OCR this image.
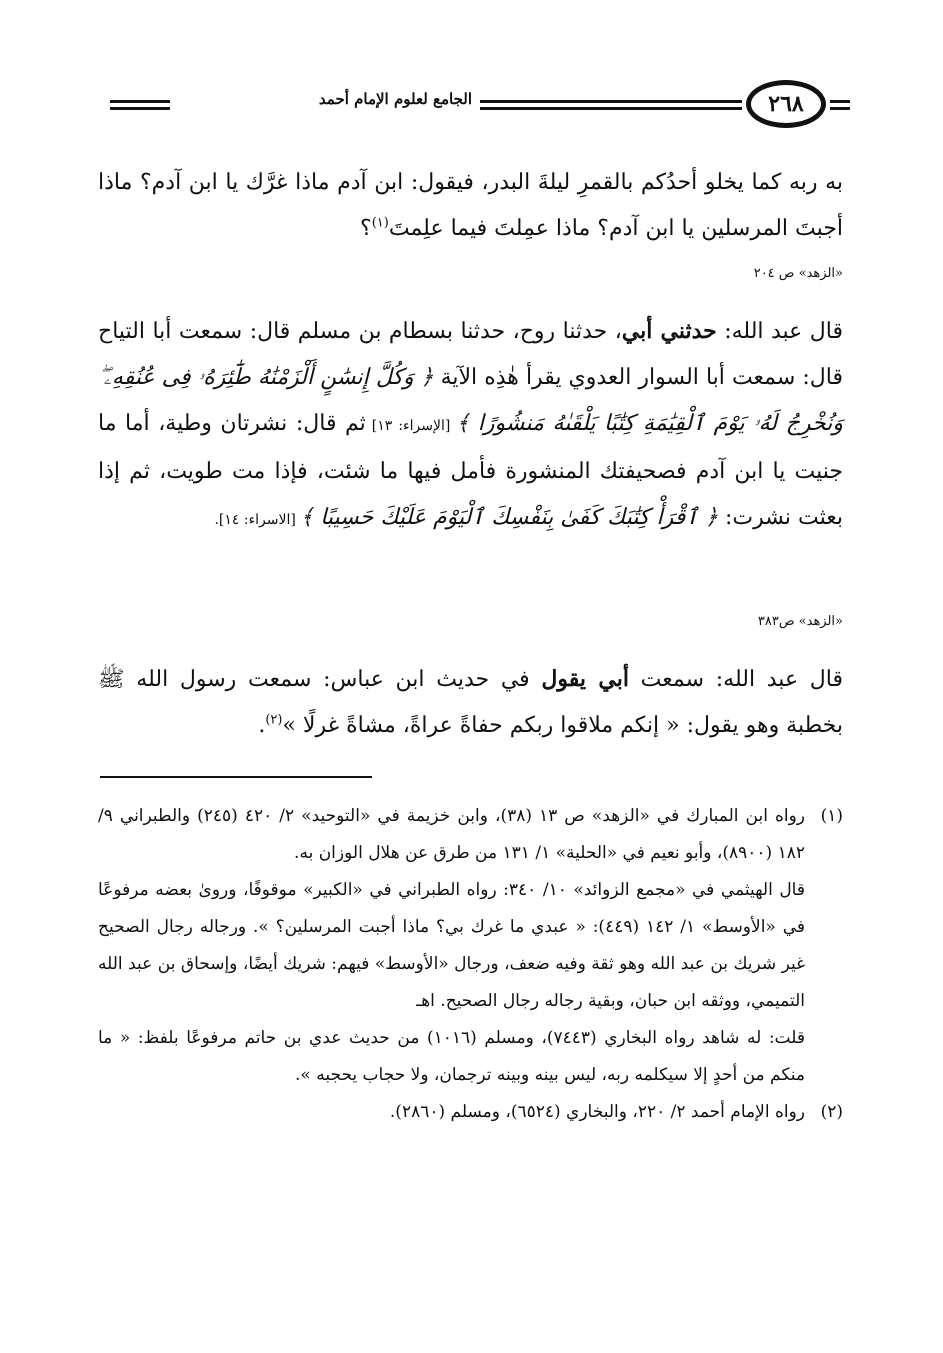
٢٦٨
الجامع لعلوم الإمام أحمد
به ربه كما يخلو أحدُكم بالقمرِ ليلةَ البدر، فيقول: ابن آدم ماذا غرَّك يا ابن آدم؟ ماذا أجبتَ المرسلين يا ابن آدم؟ ماذا عمِلتَ فيما علِمتَ$^{(١)}$؟
«الزهد» ص ٢٠٤
قال عبد الله: حدثني أبي، حدثنا روح، حدثنا بسطام بن مسلم قال: سمعت أبا التياح قال: سمعت أبا السوار العدوي يقرأ هٰذِه الآية ﴿ وَكُلَّ إِنسَٰنٍ أَلْزَمْنَٰهُ طَٰٓئِرَهُۥ فِى عُنُقِهِۦ ۖ وَنُخْرِجُ لَهُۥ يَوْمَ ٱلْقِيَٰمَةِ كِتَٰبًا يَلْقَىٰهُ مَنشُورًا ﴾ [الإسراء: ١٣] ثم قال: نشرتان وطية، أما ما جنيت يا ابن آدم فصحيفتك المنشورة فأمل فيها ما شئت، فإذا مت طويت، ثم إذا بعثت نشرت: ﴿ ٱقْرَأْ كِتَٰبَكَ كَفَىٰ بِنَفْسِكَ ٱلْيَوْمَ عَلَيْكَ حَسِيبًا ﴾ [الاسراء: ١٤].
«الزهد» ص٣٨٣
قال عبد الله: سمعت أبي يقول في حديث ابن عباس: سمعت رسول الله ﷺ بخطبة وهو يقول: « إنكم ملاقوا ربكم حفاةً عراةً، مشاةً غرلًا »$^{(٢)}$.
(١)
رواه ابن المبارك في «الزهد» ص ١٣ (٣٨)، وابن خزيمة في «التوحيد» ٢/ ٤٢٠ (٢٤٥) والطبراني ٩/ ١٨٢ (٨٩٠٠)، وأبو نعيم في «الحلية» ١/ ١٣١ من طرق عن هلال الوزان به.
قال الهيثمي في «مجمع الزوائد» ١٠/ ٣٤٠: رواه الطبراني في «الكبير» موقوفًا، وروىٰ بعضه مرفوعًا في «الأوسط» ١/ ١٤٢ (٤٤٩): « عبدي ما غرك بي؟ ماذا أجبت المرسلين؟ ». ورجاله رجال الصحيح غير شريك بن عبد الله وهو ثقة وفيه ضعف، ورجال «الأوسط» فيهم: شريك أيضًا، وإسحاق بن عبد الله التميمي، ووثقه ابن حبان، وبقية رجاله رجال الصحيح. اهـ
قلت: له شاهد رواه البخاري (٧٤٤٣)، ومسلم (١٠١٦) من حديث عدي بن حاتم مرفوعًا بلفظ: « ما منكم من أحدٍ إلا سيكلمه ربه، ليس بينه وبينه ترجمان، ولا حجاب يحجبه ».
(٢)
رواه الإمام أحمد ٢/ ٢٢٠، والبخاري (٦٥٢٤)، ومسلم (٢٨٦٠).
